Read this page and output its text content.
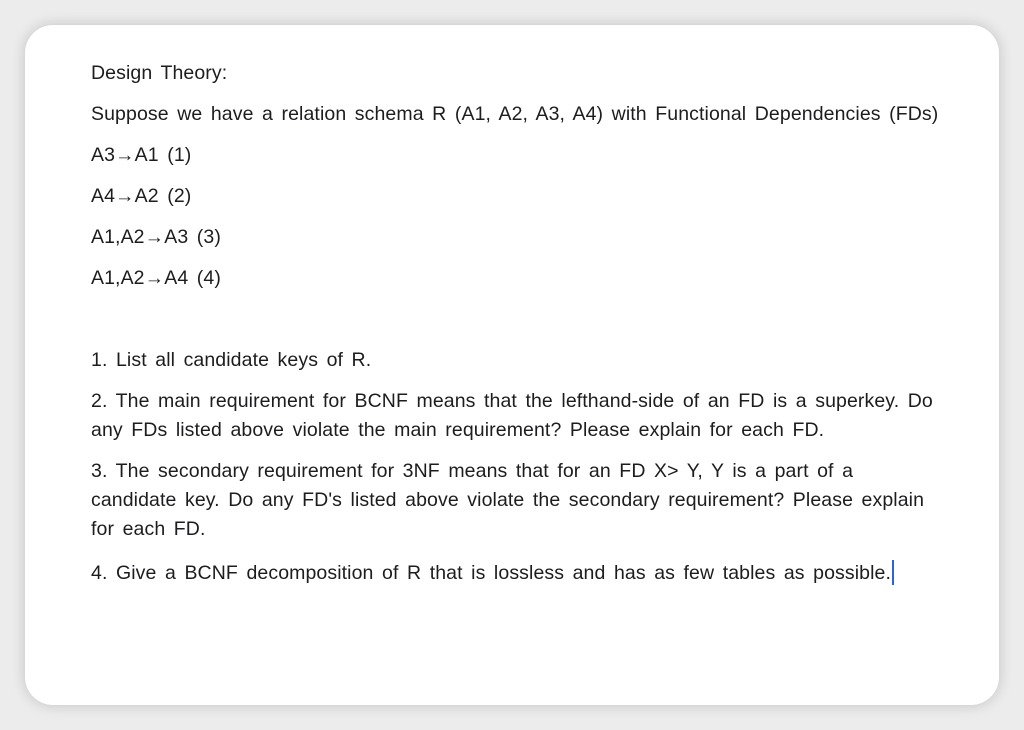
Design Theory:

Suppose we have a relation schema R (A1, A2, A3, A4) with Functional Dependencies (FDs)

A3→A1 (1)

A4→A2 (2)

A1,A2→A3 (3)

A1,A2→A4 (4)

1. List all candidate keys of R.

2. The main requirement for BCNF means that the lefthand-side of an FD is a superkey. Do any FDs listed above violate the main requirement? Please explain for each FD.

3. The secondary requirement for 3NF means that for an FD X> Y, Y is a part of a candidate key. Do any FD's listed above violate the secondary requirement? Please explain for each FD.

4. Give a BCNF decomposition of R that is lossless and has as few tables as possible.
